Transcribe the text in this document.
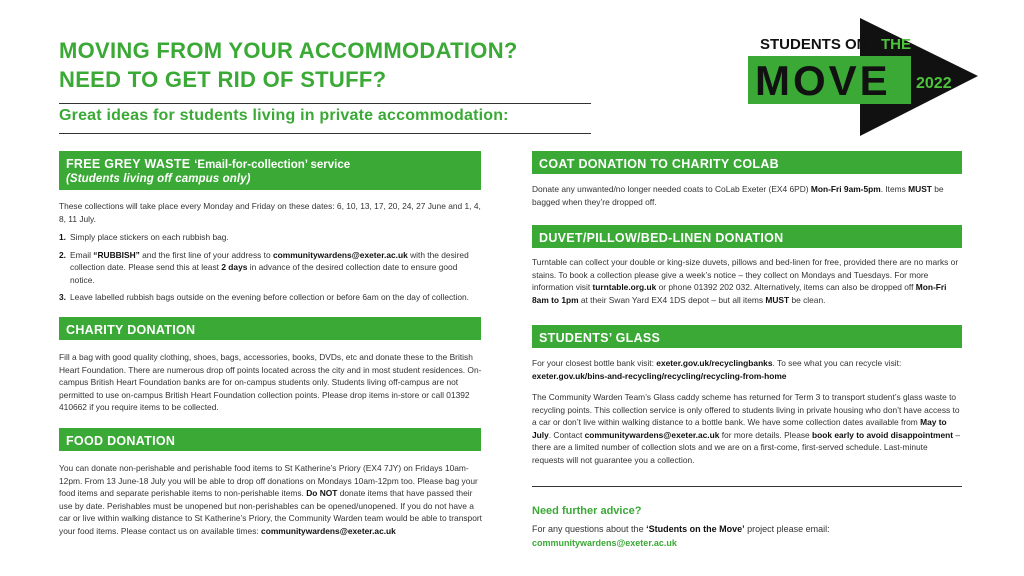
MOVING FROM YOUR ACCOMMODATION?
NEED TO GET RID OF STUFF?
Great ideas for students living in private accommodation:
STUDENTS ON THE
MOVE 2022
FREE GREY WASTE ‘Email-for-collection’ service
(Students living off campus only)

These collections will take place every Monday and Friday on these dates: 6, 10, 13, 17, 20, 24, 27 June and 1, 4, 8, 11 July.

1. Simply place stickers on each rubbish bag.
2. Email “RUBBISH” and the first line of your address to communitywardens@exeter.ac.uk with the desired collection date. Please send this at least 2 days in advance of the desired collection date to ensure good notice.
3. Leave labelled rubbish bags outside on the evening before collection or before 6am on the day of collection.
CHARITY DONATION
Fill a bag with good quality clothing, shoes, bags, accessories, books, DVDs, etc and donate these to the British Heart Foundation. There are numerous drop off points located across the city and in most student residences. On-campus British Heart Foundation banks are for on-campus students only. Students living off-campus are not permitted to use on-campus British Heart Foundation collection points. Please drop items in-store or call 01392 410662 if you require items to be collected.
FOOD DONATION
You can donate non-perishable and perishable food items to St Katherine’s Priory (EX4 7JY) on Fridays 10am-12pm. From 13 June-18 July you will be able to drop off donations on Mondays 10am-12pm too. Please bag your food items and separate perishable items to non-perishable items. Do NOT donate items that have passed their use by date. Perishables must be unopened but non-perishables can be opened/unopened. If you do not have a car or live within walking distance to St Katherine’s Priory, the Community Warden team would be able to transport your food items. Please contact us on available times: communitywardens@exeter.ac.uk
COAT DONATION TO CHARITY COLAB
Donate any unwanted/no longer needed coats to CoLab Exeter (EX4 6PD) Mon-Fri 9am-5pm. Items MUST be bagged when they’re dropped off.
DUVET/PILLOW/BED-LINEN DONATION
Turntable can collect your double or king-size duvets, pillows and bed-linen for free, provided there are no marks or stains. To book a collection please give a week’s notice – they collect on Mondays and Tuesdays. For more information visit turntable.org.uk or phone 01392 202 032. Alternatively, items can also be dropped off Mon-Fri 8am to 1pm at their Swan Yard EX4 1DS depot – but all items MUST be clean.
STUDENTS’ GLASS

For your closest bottle bank visit: exeter.gov.uk/recyclingbanks. To see what you can recycle visit: exeter.gov.uk/bins-and-recycling/recycling/recycling-from-home

The Community Warden Team’s Glass caddy scheme has returned for Term 3 to transport student’s glass waste to recycling points. This collection service is only offered to students living in private housing who don’t have access to a car or don’t live within walking distance to a bottle bank. We have some collection dates available from May to July. Contact communitywardens@exeter.ac.uk for more details. Please book early to avoid disappointment – there are a limited number of collection slots and we are on a first-come, first-served schedule. Last-minute requests will not guarantee you a collection.

Need further advice?
For any questions about the ‘Students on the Move’ project please email:
communitywardens@exeter.ac.uk
